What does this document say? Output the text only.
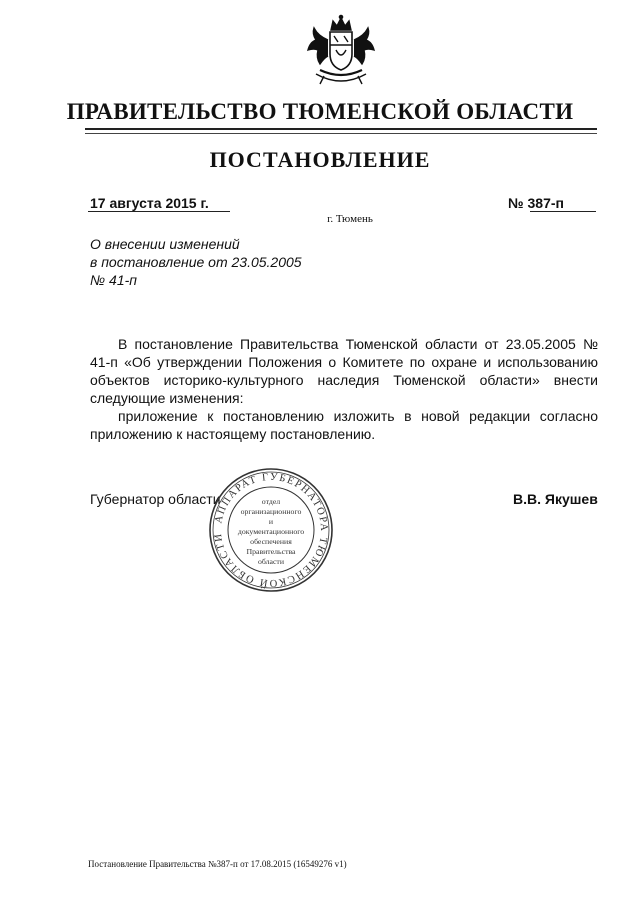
ПРАВИТЕЛЬСТВО ТЮМЕНСКОЙ ОБЛАСТИ
ПОСТАНОВЛЕНИЕ
17 августа 2015 г.	№ 387-п
г. Тюмень
О внесении изменений
в постановление от 23.05.2005
№ 41-п
В постановление Правительства Тюменской области от 23.05.2005 № 41-п «Об утверждении Положения о Комитете по охране и использованию объектов историко-культурного наследия Тюменской области» внести следующие изменения:
приложение к постановлению изложить в новой редакции согласно приложению к настоящему постановлению.
Губернатор области	В.В. Якушев
АППАРАТ ГУБЕРНАТОРА ТЮМЕНСКОЙ ОБЛАСТИ
отдел
организационного
и
документационного
обеспечения
Правительства
области
Постановление Правительства №387-п от 17.08.2015 (16549276 v1)
